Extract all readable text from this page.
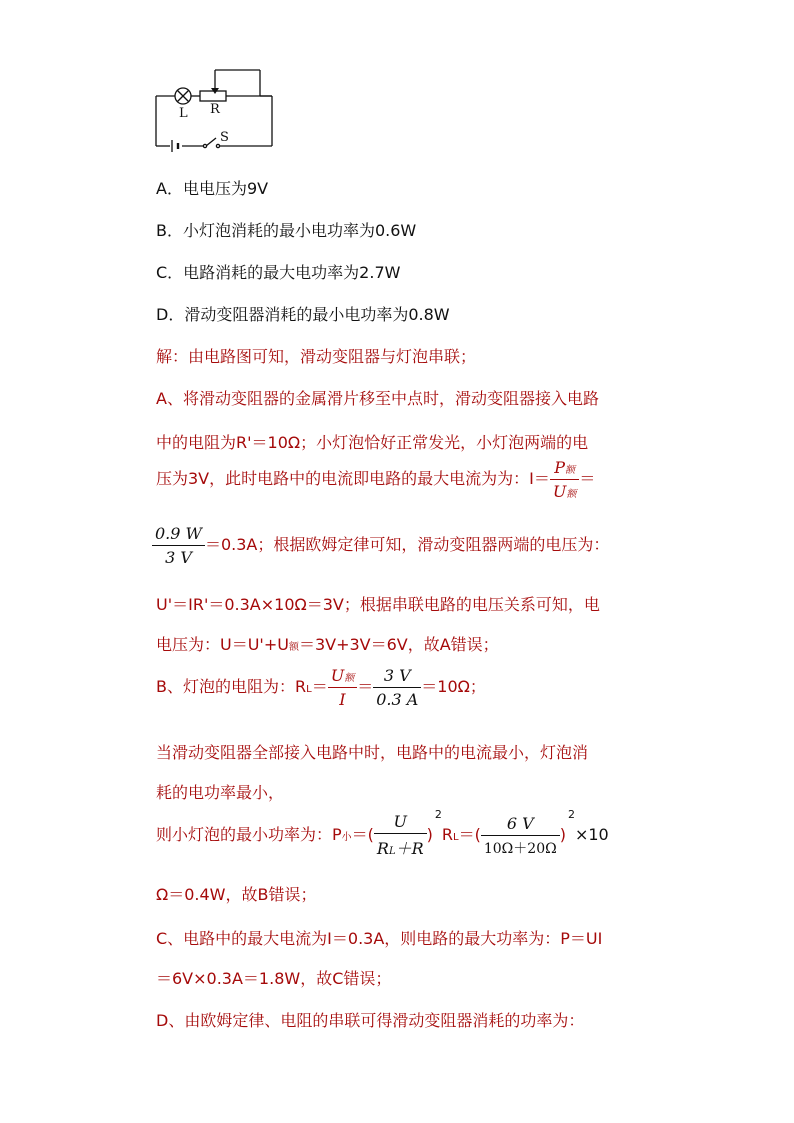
L R
S
A．电电压为9V
B．小灯泡消耗的最小电功率为0.6W
C．电路消耗的最大电功率为2.7W
D．滑动变阻器消耗的最小电功率为0.8W
解：由电路图可知，滑动变阻器与灯泡串联；
A、将滑动变阻器的金属滑片移至中点时，滑动变阻器接入电路
中的电阻为R'＝10Ω；小灯泡恰好正常发光，小灯泡两端的电
压为3V，此时电路中的电流即电路的最大电流为为：$I= \frac{\text{P额}}{\text{U额}}$ ＝
$\frac{0.9 W}{3 V} =0.3A$；根据欧姆定律可知，滑动变阻器两端的电压为：
U'＝IR'＝0.3A×10Ω＝3V；根据串联电路的电压关系可知，电
电压为：U＝U'+U额＝3V+3V＝6V，故A错误；
B、灯泡的电阻为：$RL= \frac{\text{U额}}{I} = \frac{3 V}{0.3 A} =10\Omega$；
当滑动变阻器全部接入电路中时，电路中的电流最小，灯泡消
耗的电功率最小，
则小灯泡的最小功率为：P小＝( $\frac{U}{RL+R} )^2RL=( \frac{6 V}{10\Omega+20\Omega} )^2\times 10$
Ω＝0.4W，故B错误；
C、电路中的最大电流为I＝0.3A，则电路的最大功率为：P＝UI
＝6V×0.3A＝1.8W，故C错误；
D、由欧姆定律、电阻的串联可得滑动变阻器消耗的功率为：
